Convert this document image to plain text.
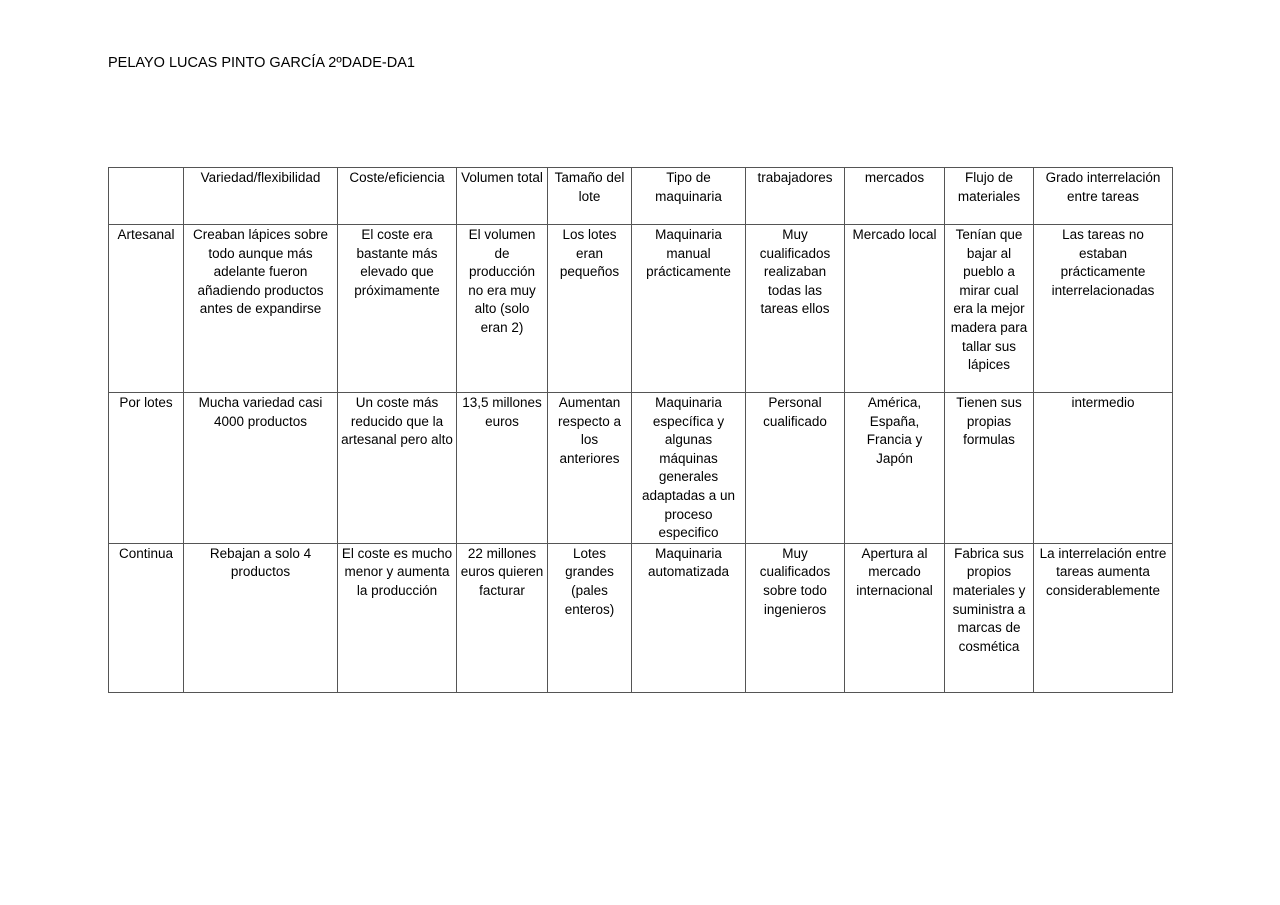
PELAYO LUCAS PINTO GARCÍA 2ºDADE-DA1
	Variedad/flexibilidad	Coste/eficiencia	Volumen total	Tamaño del lote	Tipo de maquinaria	trabajadores	mercados	Flujo de materiales	Grado interrelación entre tareas
Artesanal	Creaban lápices sobre todo aunque más adelante fueron añadiendo productos antes de expandirse	El coste era bastante más elevado que próximamente	El volumen de producción no era muy alto (solo eran 2)	Los lotes eran pequeños	Maquinaria manual prácticamente	Muy cualificados realizaban todas las tareas ellos	Mercado local	Tenían que bajar al pueblo a mirar cual era la mejor madera para tallar sus lápices	Las tareas no estaban prácticamente interrelacionadas
Por lotes	Mucha variedad casi 4000 productos	Un coste más reducido que la artesanal pero alto	13,5 millones euros	Aumentan respecto a los anteriores	Maquinaria específica y algunas máquinas generales adaptadas a un proceso especifico	Personal cualificado	América, España, Francia y Japón	Tienen sus propias formulas	intermedio
Continua	Rebajan a solo 4 productos	El coste es mucho menor y aumenta la producción	22 millones euros quieren facturar	Lotes grandes (pales enteros)	Maquinaria automatizada	Muy cualificados sobre todo ingenieros	Apertura al mercado internacional	Fabrica sus propios materiales y suministra a marcas de cosmética	La interrelación entre tareas aumenta considerablemente
